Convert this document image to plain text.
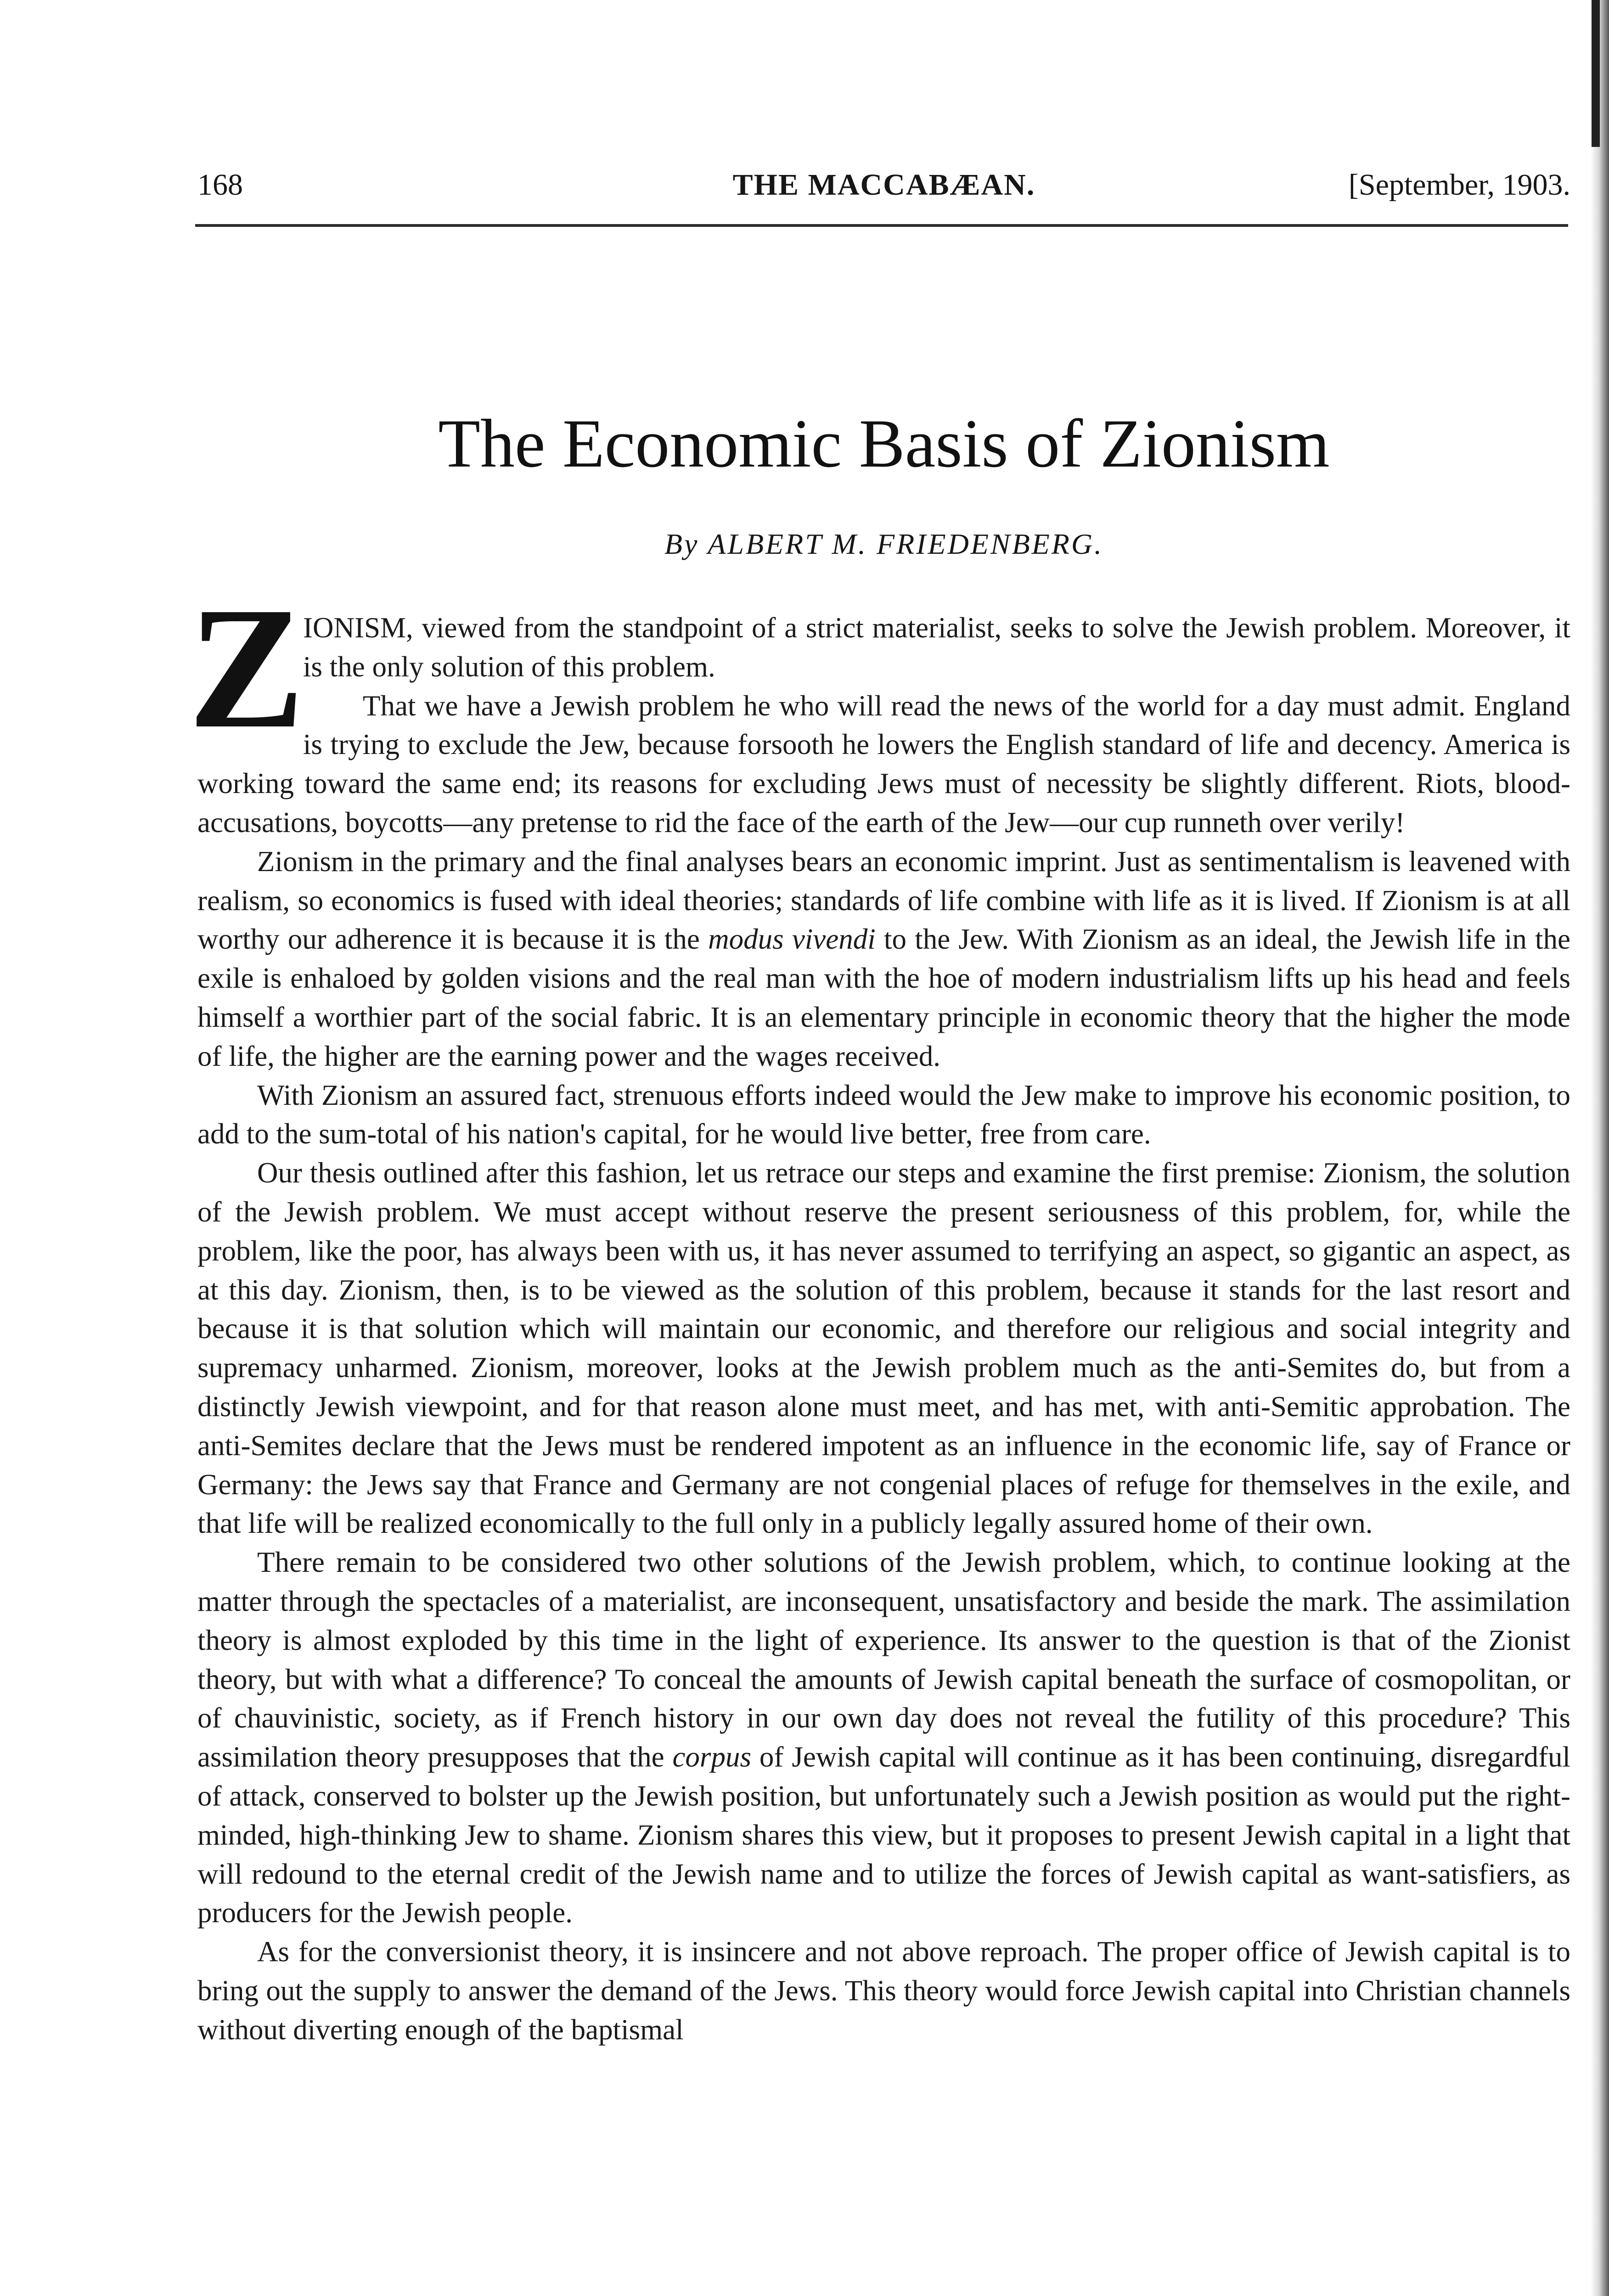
168	THE MACCABÆAN.	[September, 1903.
The Economic Basis of Zionism
By ALBERT M. FRIEDENBERG.
Z

IONISM, viewed from the standpoint of a strict materialist, seeks to solve the Jewish problem. Moreover, it is the only solution of this problem.

That we have a Jewish problem he who will read the news of the world for a day must admit. England is trying to exclude the Jew, because forsooth he lowers the English standard of life and decency. America is working toward the same end; its reasons for excluding Jews must of necessity be slightly different. Riots, blood-accusations, boycotts—any pretense to rid the face of the earth of the Jew—our cup runneth over verily!

Zionism in the primary and the final analyses bears an economic imprint. Just as sentimentalism is leavened with realism, so economics is fused with ideal theories; standards of life combine with life as it is lived. If Zionism is at all worthy our adherence it is because it is the modus vivendi to the Jew. With Zionism as an ideal, the Jewish life in the exile is enhaloed by golden visions and the real man with the hoe of modern industrialism lifts up his head and feels himself a worthier part of the social fabric. It is an elementary principle in economic theory that the higher the mode of life, the higher are the earning power and the wages received.

With Zionism an assured fact, strenuous efforts indeed would the Jew make to improve his economic position, to add to the sum-total of his nation's capital, for he would live better, free from care.

Our thesis outlined after this fashion, let us retrace our steps and examine the first premise: Zionism, the solution of the Jewish problem. We must accept without reserve the present seriousness of this problem, for, while the problem, like the poor, has always been with us, it has never assumed to terrifying an aspect, so gigantic an aspect, as at this day. Zionism, then, is to be viewed as the solution of this problem, because it stands for the last resort and because it is that solution which will maintain our economic, and therefore our religious and social integrity and supremacy unharmed. Zionism, moreover, looks at the Jewish problem much as the anti-Semites do, but from a distinctly Jewish viewpoint, and for that reason alone must meet, and has met, with anti-Semitic approbation. The anti-Semites declare that the Jews must be rendered impotent as an influence in the economic life, say of France or Germany: the Jews say that France and Germany are not congenial places of refuge for themselves in the exile, and that life will be realized economically to the full only in a publicly legally assured home of their own.

There remain to be considered two other solutions of the Jewish problem, which, to continue looking at the matter through the spectacles of a materialist, are inconsequent, unsatisfactory and beside the mark. The assimilation theory is almost exploded by this time in the light of experience. Its answer to the question is that of the Zionist theory, but with what a difference? To conceal the amounts of Jewish capital beneath the surface of cosmopolitan, or of chauvinistic, society, as if French history in our own day does not reveal the futility of this procedure? This assimilation theory presupposes that the corpus of Jewish capital will continue as it has been continuing, disregardful of attack, conserved to bolster up the Jewish position, but unfortunately such a Jewish position as would put the right-minded, high-thinking Jew to shame. Zionism shares this view, but it proposes to present Jewish capital in a light that will redound to the eternal credit of the Jewish name and to utilize the forces of Jewish capital as want-satisfiers, as producers for the Jewish people.

As for the conversionist theory, it is insincere and not above reproach. The proper office of Jewish capital is to bring out the supply to answer the demand of the Jews. This theory would force Jewish capital into Christian channels without diverting enough of the baptismal
